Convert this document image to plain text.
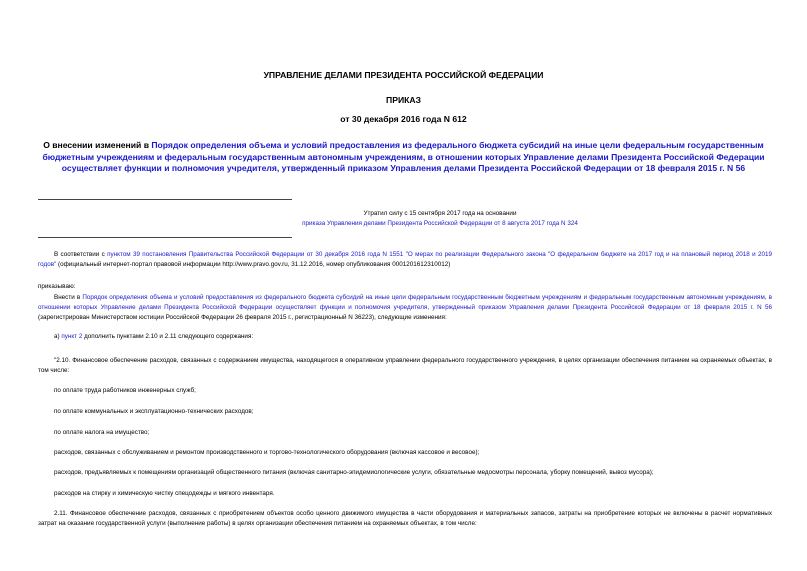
УПРАВЛЕНИЕ ДЕЛАМИ ПРЕЗИДЕНТА РОССИЙСКОЙ ФЕДЕРАЦИИ
ПРИКАЗ
от 30 декабря 2016 года N 612
О внесении изменений в Порядок определения объема и условий предоставления из федерального бюджета субсидий на иные цели федеральным государственным бюджетным учреждениям и федеральным государственным автономным учреждениям, в отношении которых Управление делами Президента Российской Федерации осуществляет функции и полномочия учредителя, утвержденный приказом Управления делами Президента Российской Федерации от 18 февраля 2015 г. N 56
Утратил силу с 15 сентября 2017 года на основании
приказа Управления делами Президента Российской Федерации от 8 августа 2017 года N 324
В соответствии с пунктом 39 постановления Правительства Российской Федерации от 30 декабря 2016 года N 1551 "О мерах по реализации Федерального закона "О федеральном бюджете на 2017 год и на плановый период 2018 и 2019 годов" (официальный интернет-портал правовой информации http://www.pravo.gov.ru, 31.12.2016, номер опубликования 0001201612310012)
приказываю:
Внести в Порядок определения объема и условий предоставления из федерального бюджета субсидий на иные цели федеральным государственным бюджетным учреждениям и федеральным государственным автономным учреждениям, в отношении которых Управление делами Президента Российской Федерации осуществляет функции и полномочия учредителя, утвержденный приказом Управления делами Президента Российской Федерации от 18 февраля 2015 г. N 56 (зарегистрирован Министерством юстиции Российской Федерации 26 февраля 2015 г., регистрационный N 36223), следующие изменения:
а) пункт 2 дополнить пунктами 2.10 и 2.11 следующего содержания:
"2.10. Финансовое обеспечение расходов, связанных с содержанием имущества, находящегося в оперативном управлении федерального государственного учреждения, в целях организации обеспечения питанием на охраняемых объектах, в том числе:
по оплате труда работников инженерных служб;
по оплате коммунальных и эксплуатационно-технических расходов;
по оплате налога на имущество;
расходов, связанных с обслуживанием и ремонтом производственного и торгово-технологического оборудования (включая кассовое и весовое);
расходов, предъявляемых к помещениям организаций общественного питания (включая санитарно-эпидемиологические услуги, обязательные медосмотры персонала, уборку помещений, вывоз мусора);
расходов на стирку и химическую чистку спецодежды и мягкого инвентаря.
2.11. Финансовое обеспечение расходов, связанных с приобретением объектов особо ценного движимого имущества в части оборудования и материальных запасов, затраты на приобретение которых не включены в расчет нормативных затрат на оказание государственной услуги (выполнение работы) в целях организации обеспечения питанием на охраняемых объектах, в том числе:
